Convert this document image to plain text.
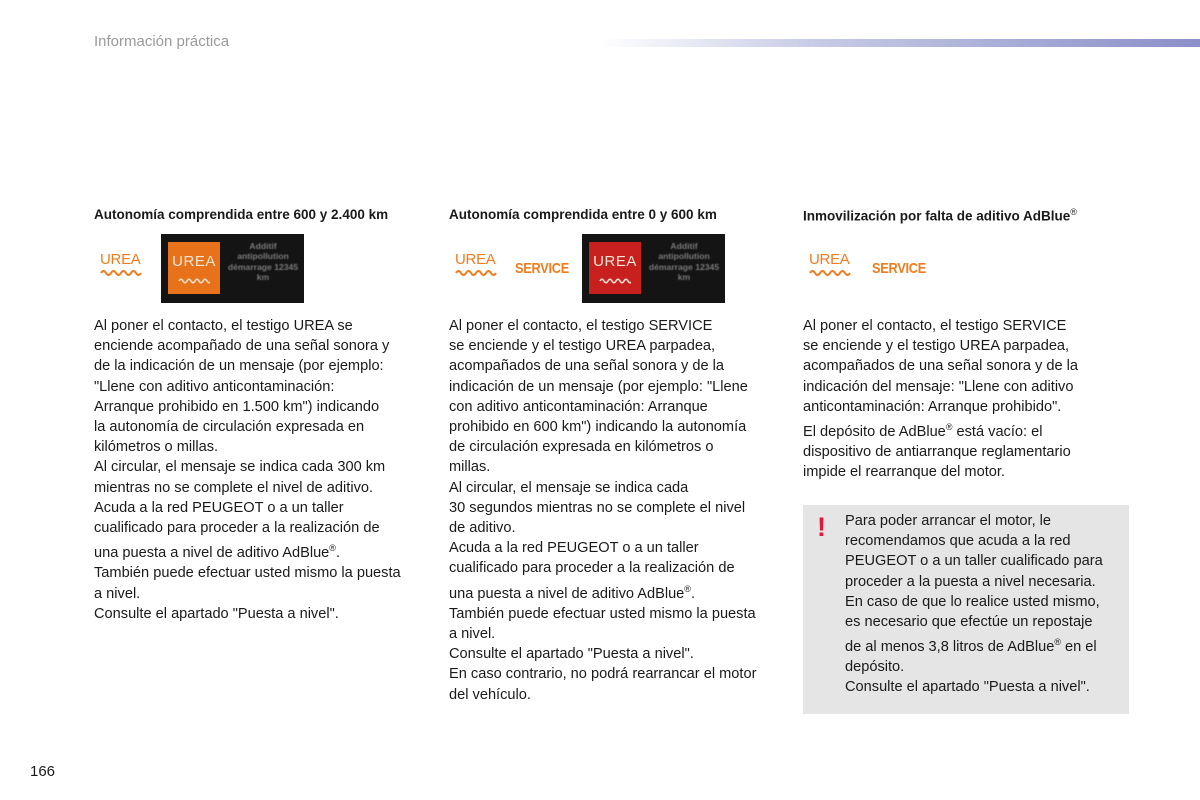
Información práctica
Autonomía comprendida entre 600 y 2.400 km
UREA	UREA
Additif antipollution démarrage 12345 km

Al poner el contacto, el testigo UREA se

enciende acompañado de una señal sonora y

de la indicación de un mensaje (por ejemplo:

"Llene con aditivo anticontaminación:

Arranque prohibido en 1.500 km") indicando

la autonomía de circulación expresada en

kilómetros o millas.

Al circular, el mensaje se indica cada 300 km

mientras no se complete el nivel de aditivo.

Acuda a la red PEUGEOT o a un taller

cualificado para proceder a la realización de

una puesta a nivel de aditivo AdBlue®.

También puede efectuar usted mismo la puesta

a nivel.

Consulte el apartado "Puesta a nivel".

Autonomía comprendida entre 0 y 600 km
UREA
SERVICE UREA
Additif antipollution démarrage 12345 km

Al poner el contacto, el testigo SERVICE

se enciende y el testigo UREA parpadea,

acompañados de una señal sonora y de la

indicación de un mensaje (por ejemplo: "Llene

con aditivo anticontaminación: Arranque

prohibido en 600 km") indicando la autonomía

de circulación expresada en kilómetros o

millas.

Al circular, el mensaje se indica cada

30 segundos mientras no se complete el nivel

de aditivo.

Acuda a la red PEUGEOT o a un taller

cualificado para proceder a la realización de

una puesta a nivel de aditivo AdBlue®.

También puede efectuar usted mismo la puesta

a nivel.

Consulte el apartado "Puesta a nivel".

En caso contrario, no podrá rearrancar el motor

del vehículo.

Inmovilización por falta de aditivo AdBlue®
UREA
SERVICE

Al poner el contacto, el testigo SERVICE

se enciende y el testigo UREA parpadea,

acompañados de una señal sonora y de la

indicación del mensaje: "Llene con aditivo

anticontaminación: Arranque prohibido".

El depósito de AdBlue® está vacío: el

dispositivo de antiarranque reglamentario

impide el rearranque del motor.

! Para poder arrancar el motor, le

recomendamos que acuda a la red

PEUGEOT o a un taller cualificado para

proceder a la puesta a nivel necesaria.

En caso de que lo realice usted mismo,

es necesario que efectúe un repostaje

de al menos 3,8 litros de AdBlue® en el

depósito.

Consulte el apartado "Puesta a nivel".

166
